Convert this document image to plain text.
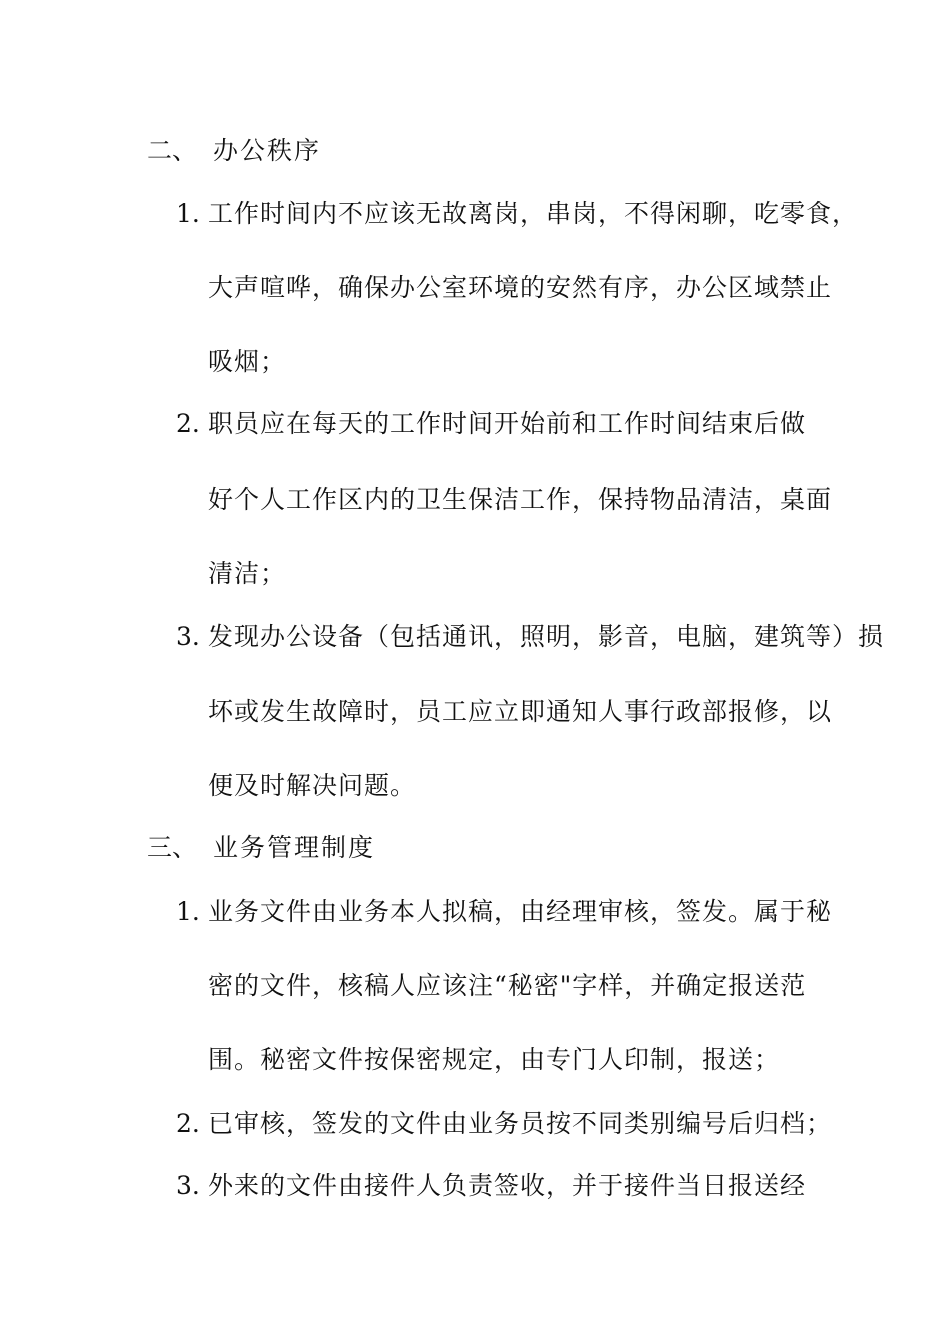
二、 办公秩序
1. 工作时间内不应该无故离岗，串岗，不得闲聊，吃零食，
大声喧哗，确保办公室环境的安然有序，办公区域禁止
吸烟；
2. 职员应在每天的工作时间开始前和工作时间结束后做
好个人工作区内的卫生保洁工作，保持物品清洁，桌面
清洁；
3. 发现办公设备（包括通讯，照明，影音，电脑，建筑等）损
坏或发生故障时，员工应立即通知人事行政部报修，以
便及时解决问题。
三、 业务管理制度
1. 业务文件由业务本人拟稿，由经理审核，签发。属于秘
密的文件，核稿人应该注“秘密"字样，并确定报送范
围。秘密文件按保密规定，由专门人印制，报送；
2. 已审核，签发的文件由业务员按不同类别编号后归档；
3. 外来的文件由接件人负责签收，并于接件当日报送经
